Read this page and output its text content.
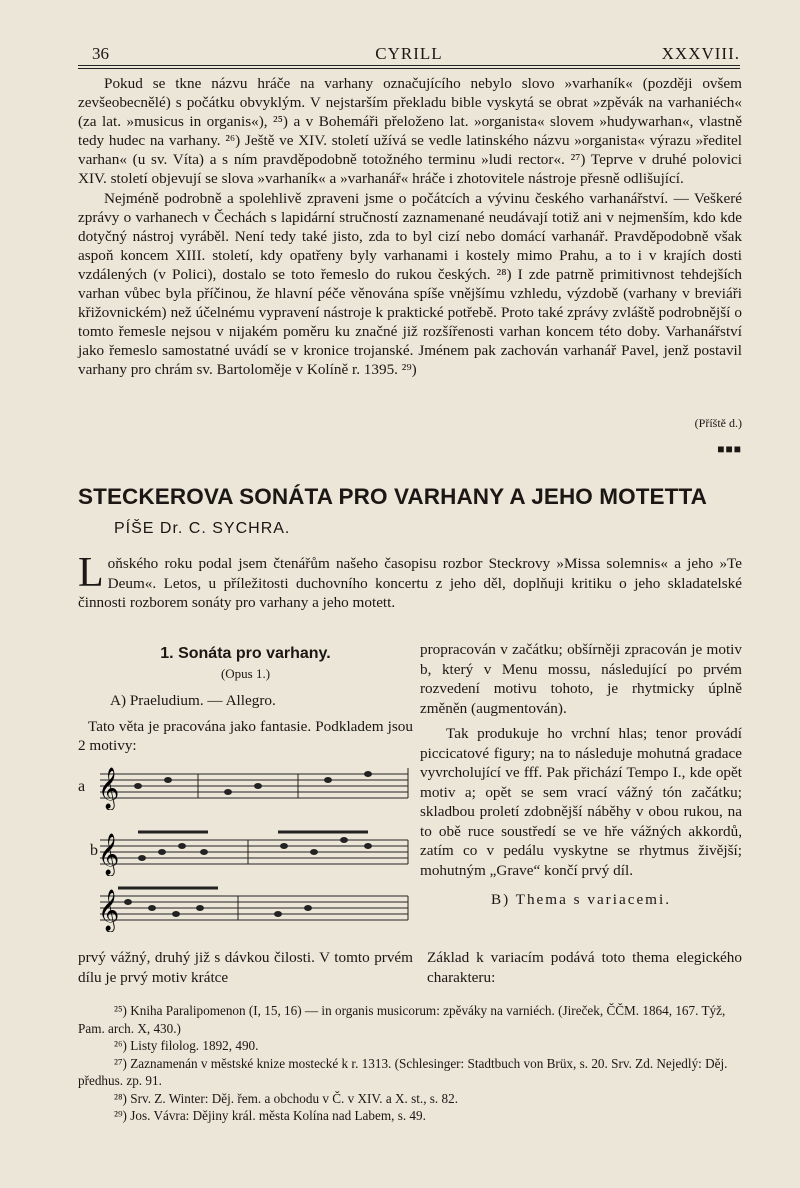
36	CYRILL	XXXVIII.

Pokud se tkne názvu hráče na varhany označujícího nebylo slovo »varhaník« (později ovšem zevšeobecnělé) s počátku obvyklým. V nejstarším překladu bible vyskytá se obrat »zpěvák na varhaniéch« (za lat. »musicus in organis«), ²⁵) a v Bohemáři přeloženo lat. »organista« slovem »hudywarhan«, vlastně tedy hudec na varhany. ²⁶) Ještě ve XIV. století užívá se vedle latinského názvu »organista« výrazu »ředitel varhan« (u sv. Víta) a s ním pravděpodobně totožného terminu »ludi rector«. ²⁷) Teprve v druhé polovici XIV. století objevují se slova »varhaník« a »varhanář« hráče i zhotovitele nástroje přesně odlišující.

Nejméně podrobně a spolehlivě zpraveni jsme o počátcích a vývinu českého varhanářství. — Veškeré zprávy o varhanech v Čechách s lapidární stručností zaznamenané neudávají totiž ani v nejmenším, kdo kde dotyčný nástroj vyráběl. Není tedy také jisto, zda to byl cizí nebo domácí varhanář. Pravděpodobně však aspoň koncem XIII. století, kdy opatřeny byly varhanami i kostely mimo Prahu, a to i v krajích dosti vzdálených (v Polici), dostalo se toto řemeslo do rukou českých. ²⁸) I zde patrně primitivnost tehdejších varhan vůbec byla příčinou, že hlavní péče věnována spíše vnějšímu vzhledu, výzdobě (varhany v breviáři křižovnickém) než účelnému vypravení nástroje k praktické potřebě. Proto také zprávy zvláště podrobnější o tomto řemesle nejsou v nijakém poměru ku značné již rozšířenosti varhan koncem této doby. Varhanářství jako řemeslo samostatné uvádí se v kronice trojanské. Jménem pak zachován varhanář Pavel, jenž postavil varhany pro chrám sv. Bartoloměje v Kolíně r. 1395. ²⁹)

(Příště d.)
■■■
STECKEROVA SONÁTA PRO VARHANY A JEHO MOTETTA
PÍŠE Dr. C. SYCHRA.
L oňského roku podal jsem čtenářům našeho časopisu rozbor Steckrovy »Missa solemnis« a jeho »Te Deum«. Letos, u příležitosti duchovního koncertu z jeho děl, doplňuji kritiku o jeho skladatelské činnosti rozborem sonáty pro varhany a jeho motett.
1. Sonáta pro varhany.
(Opus 1.)
A) Praeludium. — Allegro.
Tato věta je pracována jako fantasie. Podkladem jsou 2 motivy:
a 𝄞
b 𝄞
𝄞

propracován v začátku; obšírněji zpracován je motiv b, který v Menu mossu, následující po prvém rozvedení motivu tohoto, je rhytmicky úplně změněn (augmentován).

Tak produkuje ho vrchní hlas; tenor provádí piccicatové figury; na to následuje mohutná gradace vyvrcholující ve fff. Pak přichází Tempo I., kde opět motiv a; opět se sem vrací vážný tón začátku; skladbou proletí zdobnější náběhy v obou rukou, na to obě ruce soustředí se ve hře vážných akkordů, zatím co v pedálu vyskytne se rhytmus živější; mohutným „Grave“ končí prvý díl.

B) Thema s variacemi.
prvý vážný, druhý již s dávkou čilosti. V tomto prvém dílu je prvý motiv krátce
Základ k variacím podává toto thema elegického charakteru:
²⁵) Kniha Paralipomenon (I, 15, 16) — in organis musicorum: zpěváky na varniéch. (Jireček, ČČM. 1864, 167. Týž, Pam. arch. X, 430.)
²⁶) Listy filolog. 1892, 490.
²⁷) Zaznamenán v městské knize mostecké k r. 1313. (Schlesinger: Stadtbuch von Brüx, s. 20. Srv. Zd. Nejedlý: Děj. předhus. zp. 91.
²⁸) Srv. Z. Winter: Děj. řem. a obchodu v Č. v XIV. a X. st., s. 82.
²⁹) Jos. Vávra: Dějiny král. města Kolína nad Labem, s. 49.
